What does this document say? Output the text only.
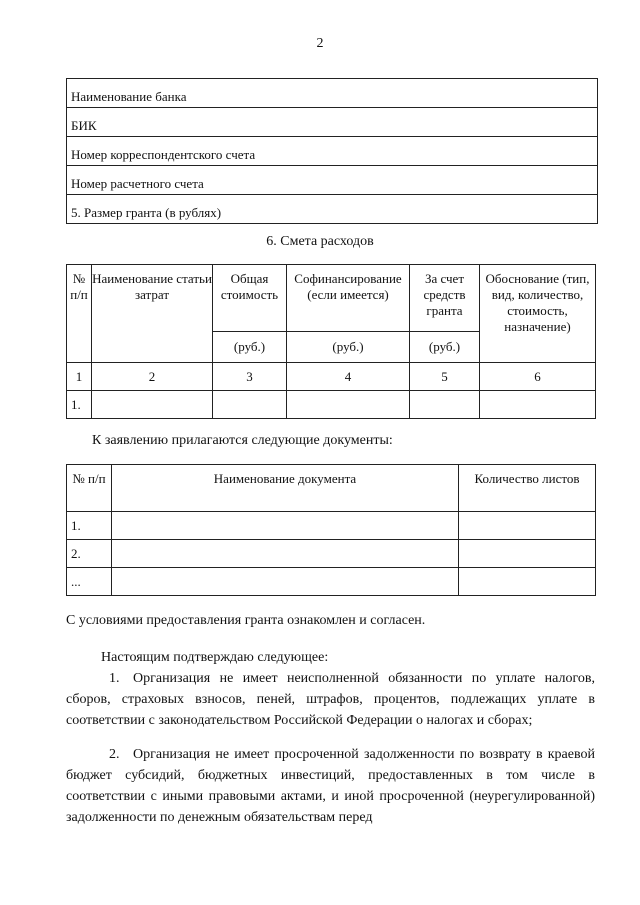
2
Наименование банка
БИК
Номер корреспондентского счета
Номер расчетного счета
5. Размер гранта (в рублях)
6. Смета расходов
№ п/п	Наименование статьи затрат	Общая стоимость	Софинансирование (если имеется)	За счет средств гранта	Обоснование (тип, вид, количество, стоимость, назначение)
		(руб.)	(руб.)	(руб.)	
1	2	3	4	5	6
1.					
К заявлению прилагаются следующие документы:
№ п/п	Наименование документа	Количество листов
1.		
2.		
...		
С условиями предоставления гранта ознакомлен и согласен.
Настоящим подтверждаю следующее:
1. Организация не имеет неисполненной обязанности по уплате налогов, сборов, страховых взносов, пеней, штрафов, процентов, подлежащих уплате в соответствии с законодательством Российской Федерации о налогах и сборах;
2. Организация не имеет просроченной задолженности по возврату в краевой бюджет субсидий, бюджетных инвестиций, предоставленных в том числе в соответствии с иными правовыми актами, и иной просроченной (неурегулированной) задолженности по денежным обязательствам перед
